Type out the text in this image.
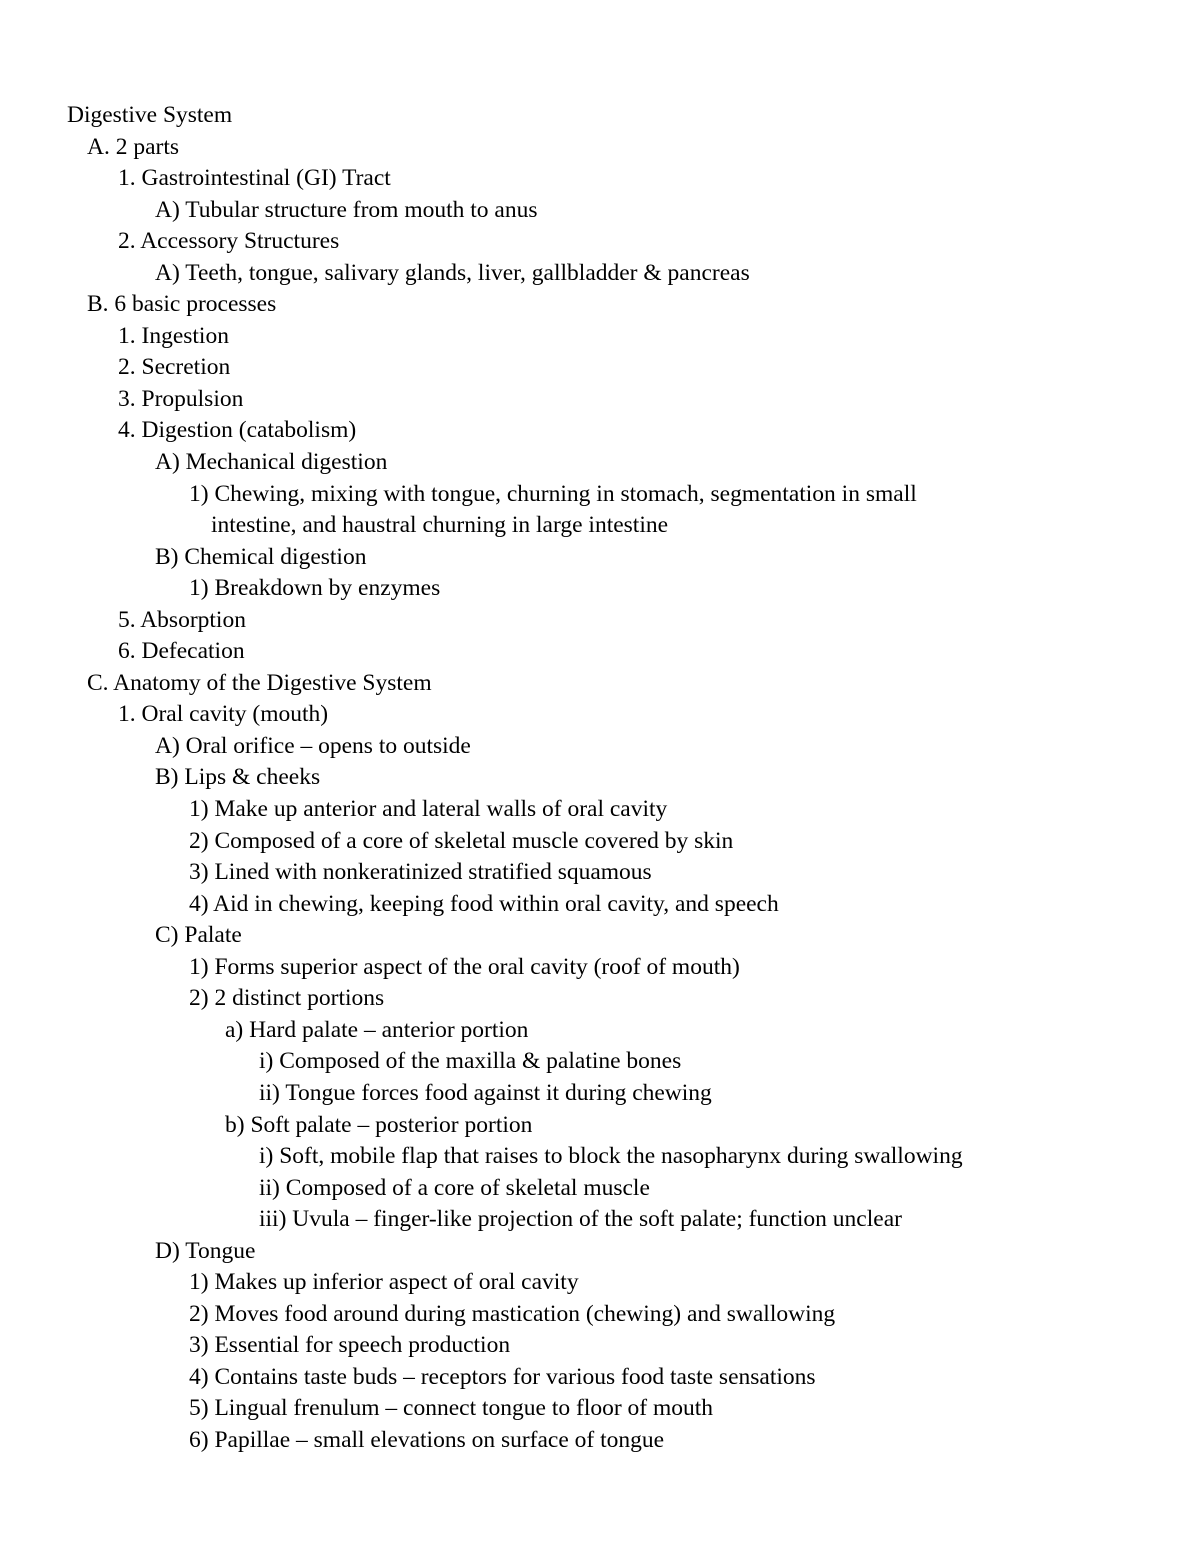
Digestive System
A. 2 parts
1. Gastrointestinal (GI) Tract
A) Tubular structure from mouth to anus
2. Accessory Structures
A) Teeth, tongue, salivary glands, liver, gallbladder & pancreas
B. 6 basic processes
1. Ingestion
2. Secretion
3. Propulsion
4. Digestion (catabolism)
A) Mechanical digestion
1) Chewing, mixing with tongue, churning in stomach, segmentation in small
intestine, and haustral churning in large intestine
B) Chemical digestion
1) Breakdown by enzymes
5. Absorption
6. Defecation
C. Anatomy of the Digestive System
1. Oral cavity (mouth)
A) Oral orifice – opens to outside
B) Lips & cheeks
1) Make up anterior and lateral walls of oral cavity
2) Composed of a core of skeletal muscle covered by skin
3) Lined with nonkeratinized stratified squamous
4) Aid in chewing, keeping food within oral cavity, and speech
C) Palate
1) Forms superior aspect of the oral cavity (roof of mouth)
2) 2 distinct portions
a) Hard palate – anterior portion
i) Composed of the maxilla & palatine bones
ii) Tongue forces food against it during chewing
b) Soft palate – posterior portion
i) Soft, mobile flap that raises to block the nasopharynx during swallowing
ii) Composed of a core of skeletal muscle
iii) Uvula – finger-like projection of the soft palate; function unclear
D) Tongue
1) Makes up inferior aspect of oral cavity
2) Moves food around during mastication (chewing) and swallowing
3) Essential for speech production
4) Contains taste buds – receptors for various food taste sensations
5) Lingual frenulum – connect tongue to floor of mouth
6) Papillae – small elevations on surface of tongue
